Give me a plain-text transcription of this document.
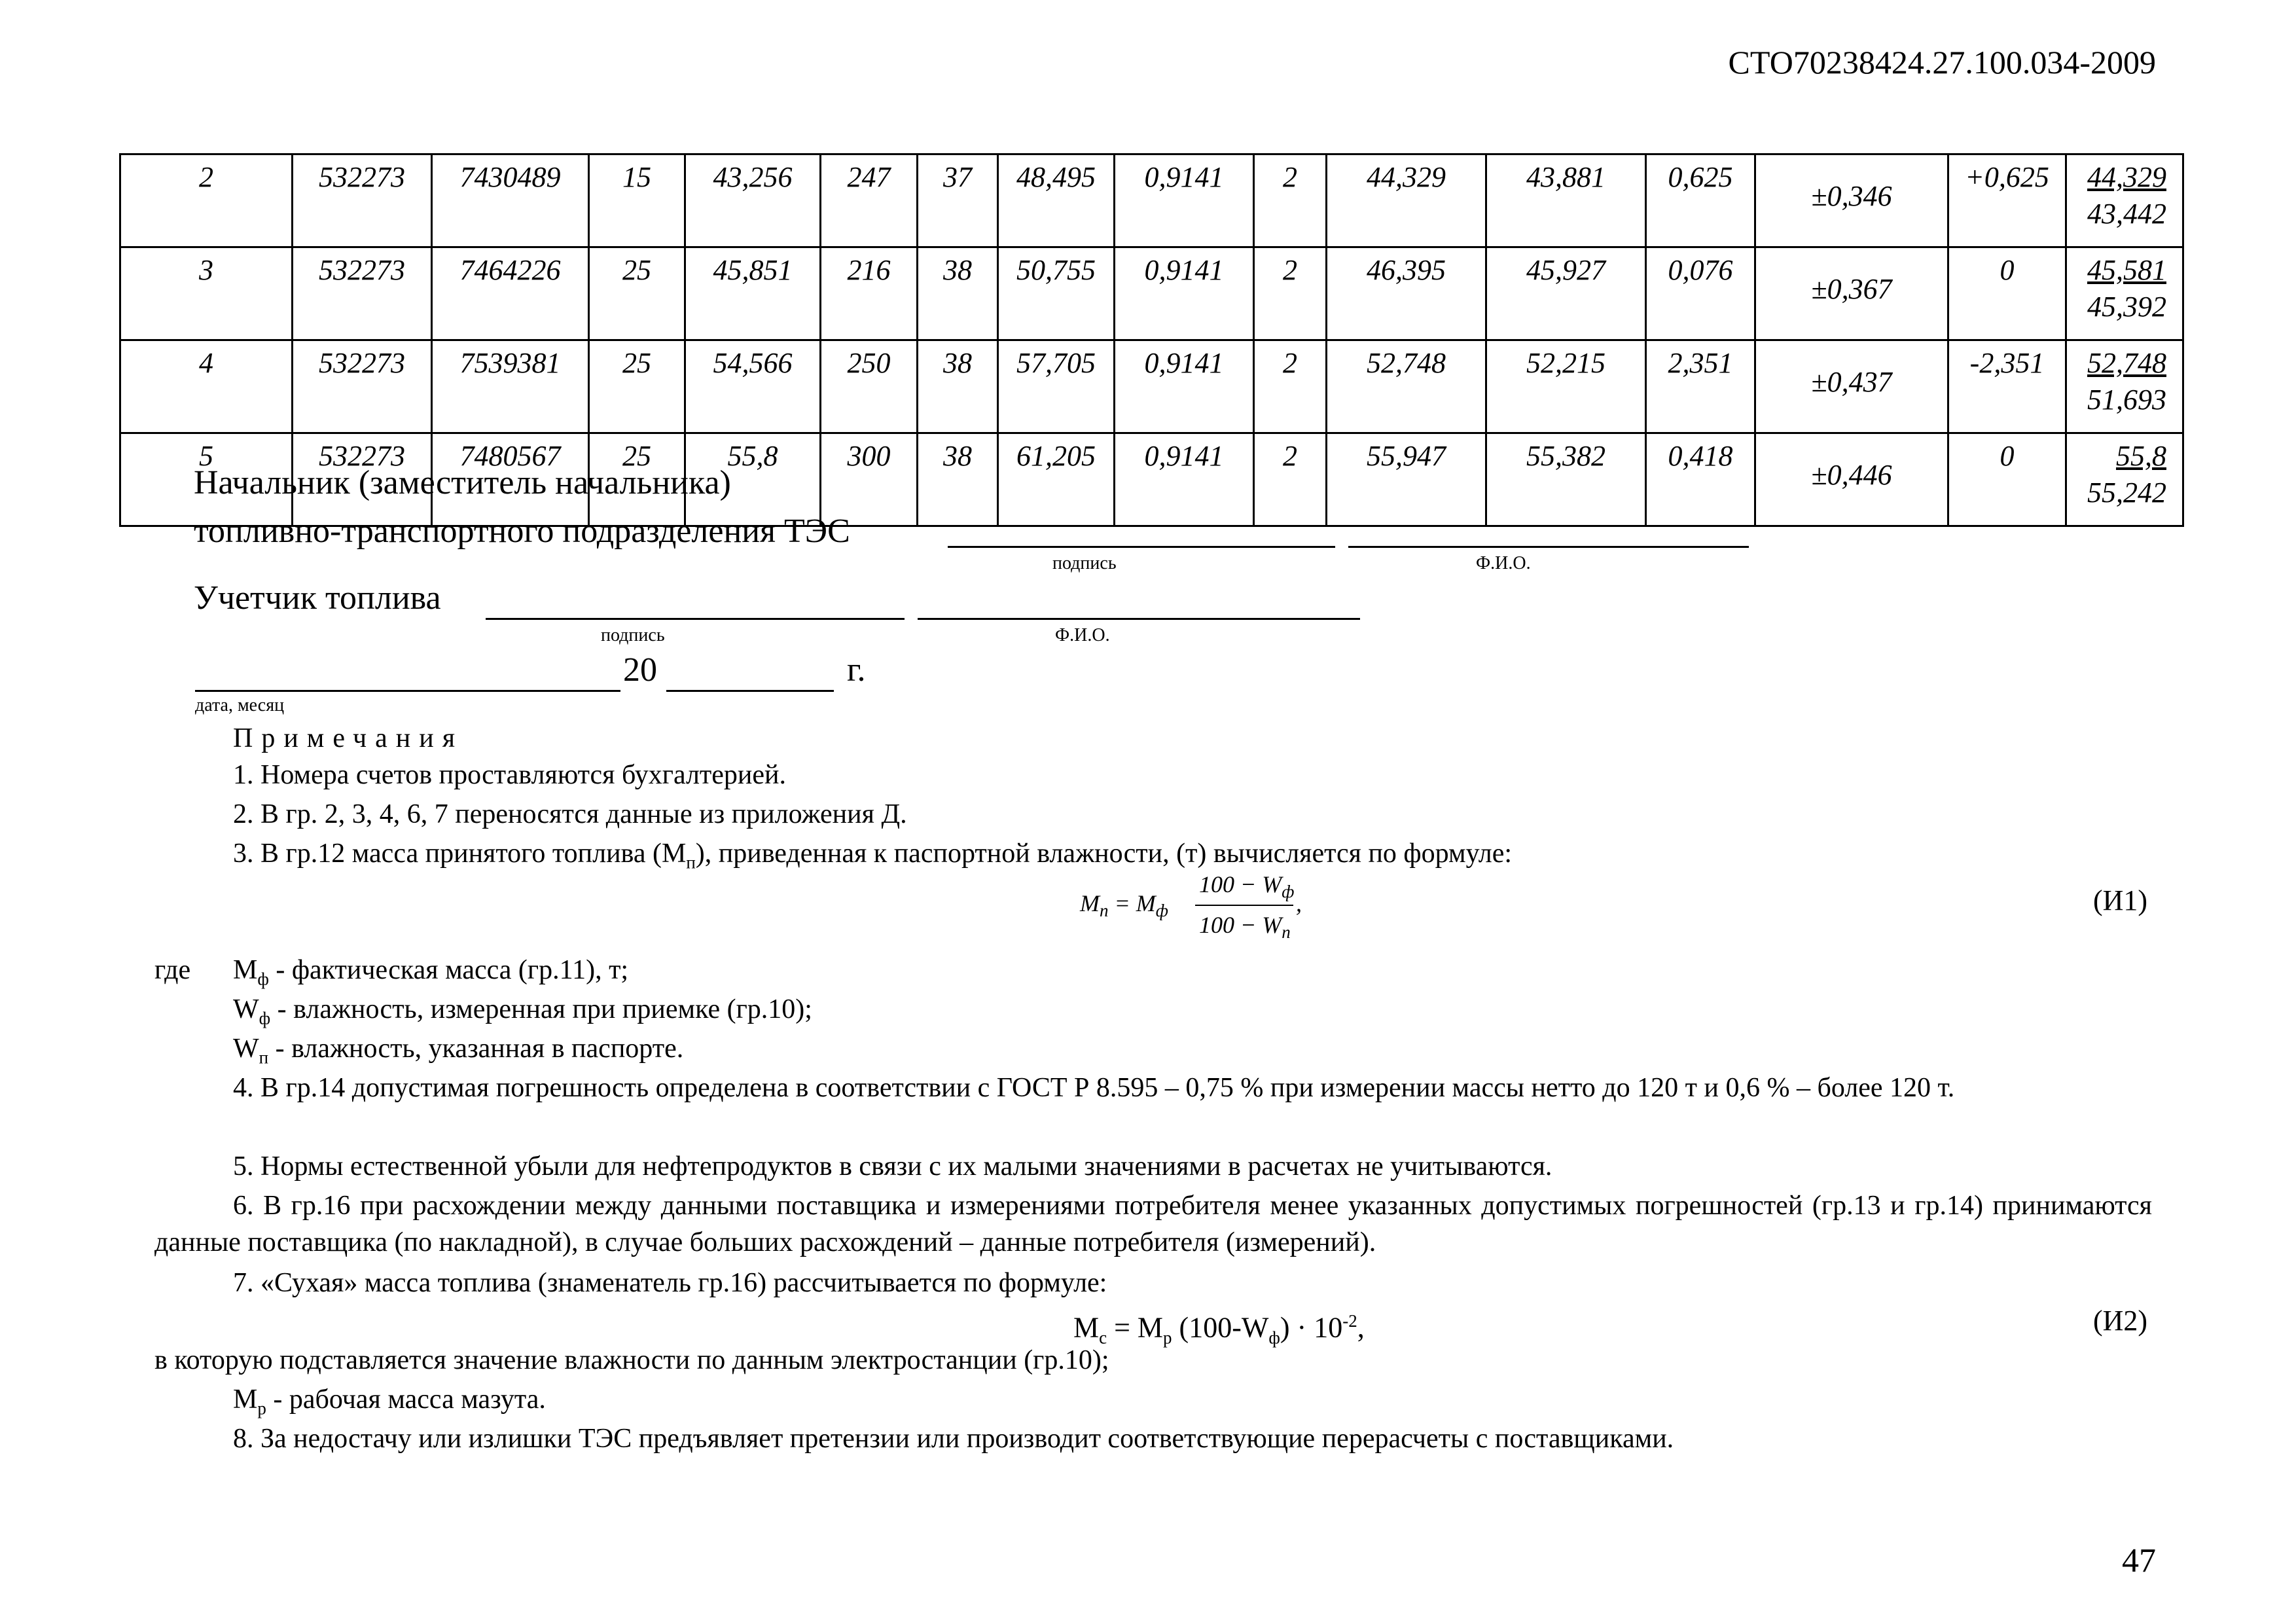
СТО70238424.27.100.034-2009
2	532273	7430489	15	43,256	247	37	48,495	0,9141	2	44,329	43,881	0,625	±0,346	+0,625	44,329
43,442

3	532273	7464226	25	45,851	216	38	50,755	0,9141	2	46,395	45,927	0,076	±0,367	0	45,581
45,392

4	532273	7539381	25	54,566	250	38	57,705	0,9141	2	52,748	52,215	2,351	±0,437	-2,351	52,748
51,693

5	532273	7480567	25	55,8	300	38	61,205	0,9141	2	55,947	55,382	0,418	±0,446	0	55,8
55,242
Начальник (заместитель начальника)
топливно-транспортного подразделения ТЭС
подпись	Ф.И.О.
Учетчик топлива
подпись	Ф.И.О.
20	г.
дата, месяц
Примечания
1. Номера счетов проставляются бухгалтерией.
2. В гр. 2, 3, 4, 6, 7 переносятся данные из приложения Д.
3. В гр.12 масса принятого топлива $(М_п)$, приведенная к паспортной влажности, (т) вычисляется по формуле:
$M_п = M_ф$
$100 - W_ф$
$100 - W_п$
,	(И1)
где $М_ф$ - фактическая масса (гр.11), т;
$W_ф$ - влажность, измеренная при приемке (гр.10);
$W_п$ - влажность, указанная в паспорте.
4. В гр.14 допустимая погрешность определена в соответствии с ГОСТ Р 8.595 – 0,75 % при измерении массы нетто до 120 т и 0,6 % – более 120 т.
5. Нормы естественной убыли для нефтепродуктов в связи с их малыми значениями в расчетах не учитываются.
6. В гр.16 при расхождении между данными поставщика и измерениями потребителя менее указанных допустимых погрешностей (гр.13 и гр.14) принимаются данные поставщика (по накладной), в случае больших расхождений – данные потребителя (измерений).
7. «Сухая» масса топлива (знаменатель гр.16) рассчитывается по формуле:
$М_с = М_р$ $(100-W_ф) \cdot 10^{-2}$,	(И2)
в которую подставляется значение влажности по данным электростанции (гр.10);
$М_р$ - рабочая масса мазута.
8. За недостачу или излишки ТЭС предъявляет претензии или производит соответствующие перерасчеты с поставщиками.
47
